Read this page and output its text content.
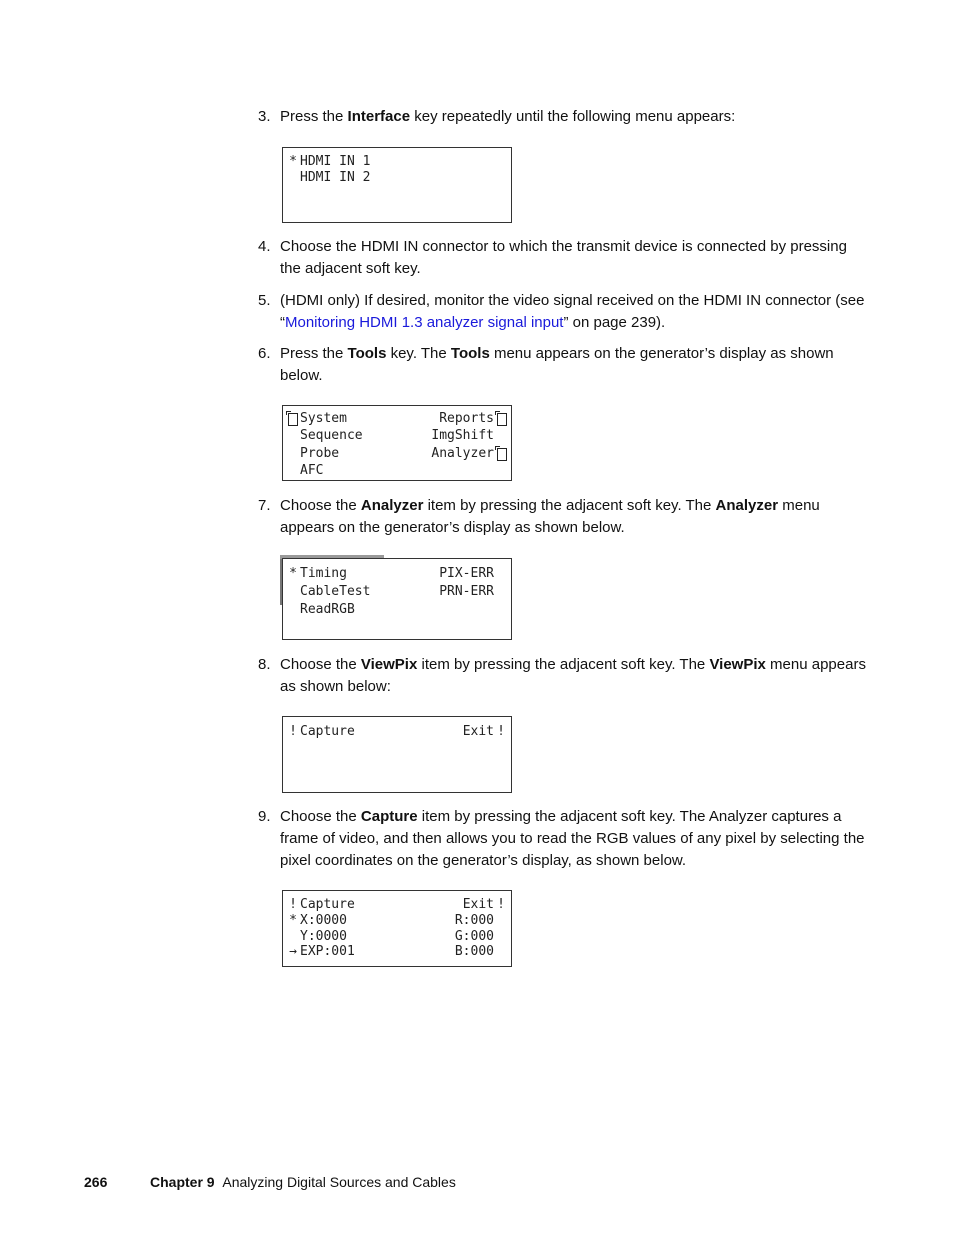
3. Press the Interface key repeatedly until the following menu appears:
* HDMI IN 1
HDMI IN 2
4. Choose the HDMI IN connector to which the transmit device is connected by pressing the adjacent soft key.
5. (HDMI only) If desired, monitor the video signal received on the HDMI IN connector (see “Monitoring HDMI 1.3 analyzer signal input” on page 239).
6. Press the Tools key. The Tools menu appears on the generator’s display as shown below.
System	Reports
Sequence	ImgShift
Probe	Analyzer
AFC
7. Choose the Analyzer item by pressing the adjacent soft key. The Analyzer menu appears on the generator’s display as shown below.
* Timing	PIX-ERR
CableTest	PRN-ERR
ReadRGB
8. Choose the ViewPix item by pressing the adjacent soft key. The ViewPix menu appears as shown below:
! Capture	Exit !
9. Choose the Capture item by pressing the adjacent soft key. The Analyzer captures a frame of video, and then allows you to read the RGB values of any pixel by selecting the pixel coordinates on the generator’s display, as shown below.
! Capture	Exit !
* X:0000	R:000
Y:0000	G:000
→ EXP:001	B:000
266	Chapter 9 Analyzing Digital Sources and Cables
